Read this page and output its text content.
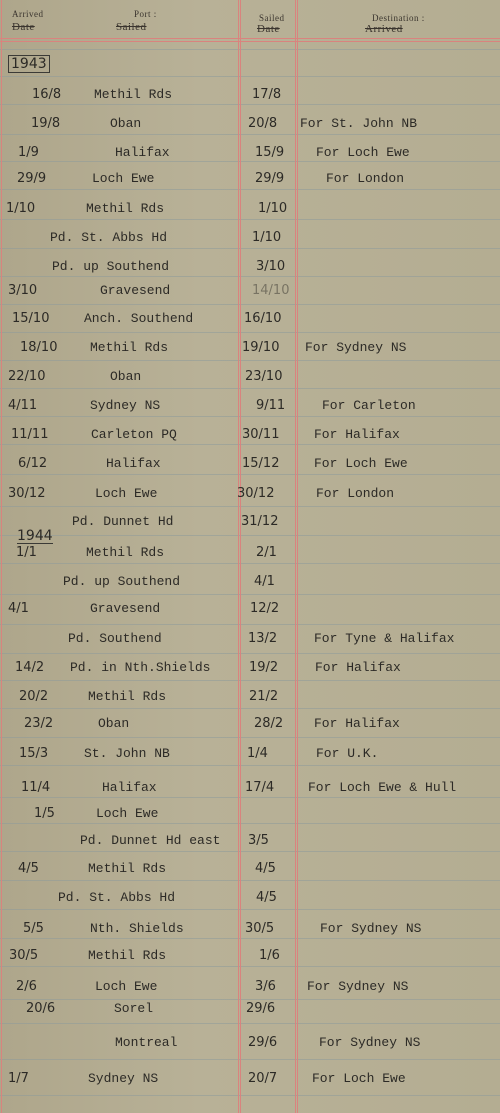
Arrived
Date
Port :
Sailed
Sailed
Date
Destination :
Arrived
1943
1944
16/8	Methil Rds	17/8
19/8	Oban	20/8 For St. John NB
1/9	Halifax	15/9 For Loch Ewe
29/9	Loch Ewe	29/9	For London
1/10	Methil Rds	1/10
Pd. St. Abbs Hd	1/10
Pd. up Southend	3/10
3/10	Gravesend	14/10
15/10	Anch. Southend	16/10
18/10	Methil Rds	19/10 For Sydney NS
22/10	Oban	23/10
4/11	Sydney NS	9/11	For Carleton
11/11	Carleton PQ	30/11	For Halifax
6/12	Halifax	15/12	For Loch Ewe
30/12	Loch Ewe	30/12	For London
Pd. Dunnet Hd	31/12
1/1	Methil Rds	2/1
Pd. up Southend	4/1
4/1	Gravesend	12/2
Pd. Southend	13/2	For Tyne & Halifax
14/2 Pd. in Nth.Shields	19/2	For Halifax
20/2	Methil Rds	21/2
23/2	Oban	28/2 For Halifax
15/3	St. John NB	1/4	For U.K.
11/4	Halifax	17/4	For Loch Ewe & Hull
1/5	Loch Ewe
Pd. Dunnet Hd east 3/5
4/5	Methil Rds	4/5
Pd. St. Abbs Hd	4/5
5/5	Nth. Shields	30/5	For Sydney NS
30/5	Methil Rds	1/6
2/6	Loch Ewe	3/6 For Sydney NS
20/6	Sorel	29/6
Montreal	29/6	For Sydney NS
1/7	Sydney NS	20/7	For Loch Ewe
